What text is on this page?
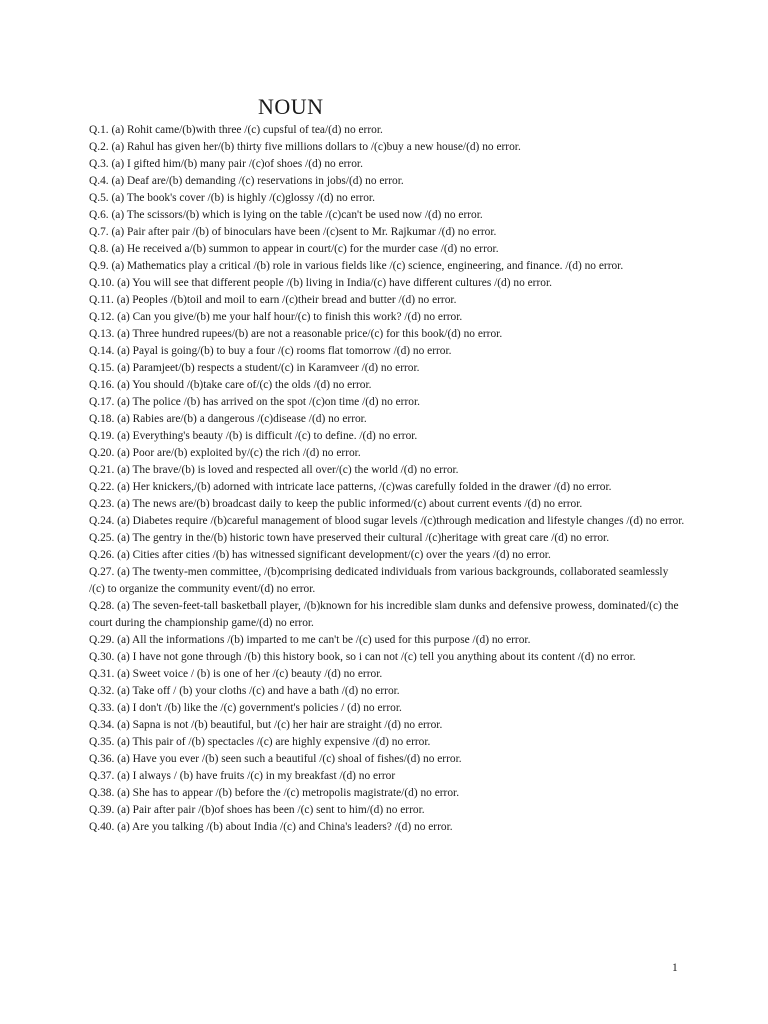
NOUN

Q.1. (a) Rohit came/(b)with three /(c) cupsful of tea/(d) no error.

Q.2. (a) Rahul has given her/(b) thirty five millions dollars to /(c)buy a new house/(d) no error.

Q.3. (a) I gifted him/(b) many pair /(c)of shoes /(d) no error.

Q.4. (a) Deaf are/(b) demanding /(c) reservations in jobs/(d) no error.

Q.5. (a) The book's cover /(b) is highly /(c)glossy /(d) no error.

Q.6. (a) The scissors/(b) which is lying on the table /(c)can't be used now /(d) no error.

Q.7. (a) Pair after pair /(b) of binoculars have been /(c)sent to Mr. Rajkumar /(d) no error.

Q.8. (a) He received a/(b) summon to appear in court/(c) for the murder case /(d) no error.

Q.9. (a) Mathematics play a critical /(b) role in various fields like /(c) science, engineering, and finance. /(d) no error.

Q.10. (a) You will see that different people /(b) living in India/(c) have different cultures /(d) no error.

Q.11. (a) Peoples /(b)toil and moil to earn /(c)their bread and butter /(d) no error.

Q.12. (a) Can you give/(b) me your half hour/(c) to finish this work? /(d) no error.

Q.13. (a) Three hundred rupees/(b) are not a reasonable price/(c) for this book/(d) no error.

Q.14. (a) Payal is going/(b) to buy a four /(c) rooms flat tomorrow /(d) no error.

Q.15. (a) Paramjeet/(b) respects a student/(c) in Karamveer /(d) no error.

Q.16. (a) You should /(b)take care of/(c) the olds /(d) no error.

Q.17. (a) The police /(b) has arrived on the spot /(c)on time /(d) no error.

Q.18. (a) Rabies are/(b) a dangerous /(c)disease /(d) no error.

Q.19. (a) Everything's beauty /(b) is difficult /(c) to define. /(d) no error.

Q.20. (a) Poor are/(b) exploited by/(c) the rich /(d) no error.

Q.21. (a) The brave/(b) is loved and respected all over/(c) the world /(d) no error.

Q.22. (a) Her knickers,/(b) adorned with intricate lace patterns, /(c)was carefully folded in the drawer /(d) no error.

Q.23. (a) The news are/(b) broadcast daily to keep the public informed/(c) about current events /(d) no error.

Q.24. (a) Diabetes require /(b)careful management of blood sugar levels /(c)through medication and lifestyle changes /(d) no error.

Q.25. (a) The gentry in the/(b) historic town have preserved their cultural /(c)heritage with great care /(d) no error.

Q.26. (a) Cities after cities /(b) has witnessed significant development/(c) over the years /(d) no error.

Q.27. (a) The twenty-men committee, /(b)comprising dedicated individuals from various backgrounds, collaborated seamlessly /(c) to organize the community event/(d) no error.

Q.28. (a) The seven-feet-tall basketball player, /(b)known for his incredible slam dunks and defensive prowess, dominated/(c) the court during the championship game/(d) no error.

Q.29. (a) All the informations /(b) imparted to me can't be /(c) used for this purpose /(d) no error.

Q.30. (a) I have not gone through /(b) this history book, so i can not /(c) tell you anything about its content /(d) no error.

Q.31. (a) Sweet voice / (b) is one of her /(c) beauty /(d) no error.

Q.32. (a) Take off / (b) your cloths /(c) and have a bath /(d) no error.

Q.33. (a) I don't /(b) like the /(c) government's policies / (d) no error.

Q.34. (a) Sapna is not /(b) beautiful, but /(c) her hair are straight /(d) no error.

Q.35. (a) This pair of /(b) spectacles /(c) are highly expensive /(d) no error.

Q.36. (a) Have you ever /(b) seen such a beautiful /(c) shoal of fishes/(d) no error.

Q.37. (a) I always / (b) have fruits /(c) in my breakfast /(d) no error

Q.38. (a) She has to appear /(b) before the /(c) metropolis magistrate/(d) no error.

Q.39. (a) Pair after pair /(b)of shoes has been /(c) sent to him/(d) no error.

Q.40. (a) Are you talking /(b) about India /(c) and China's leaders? /(d) no error.

1
